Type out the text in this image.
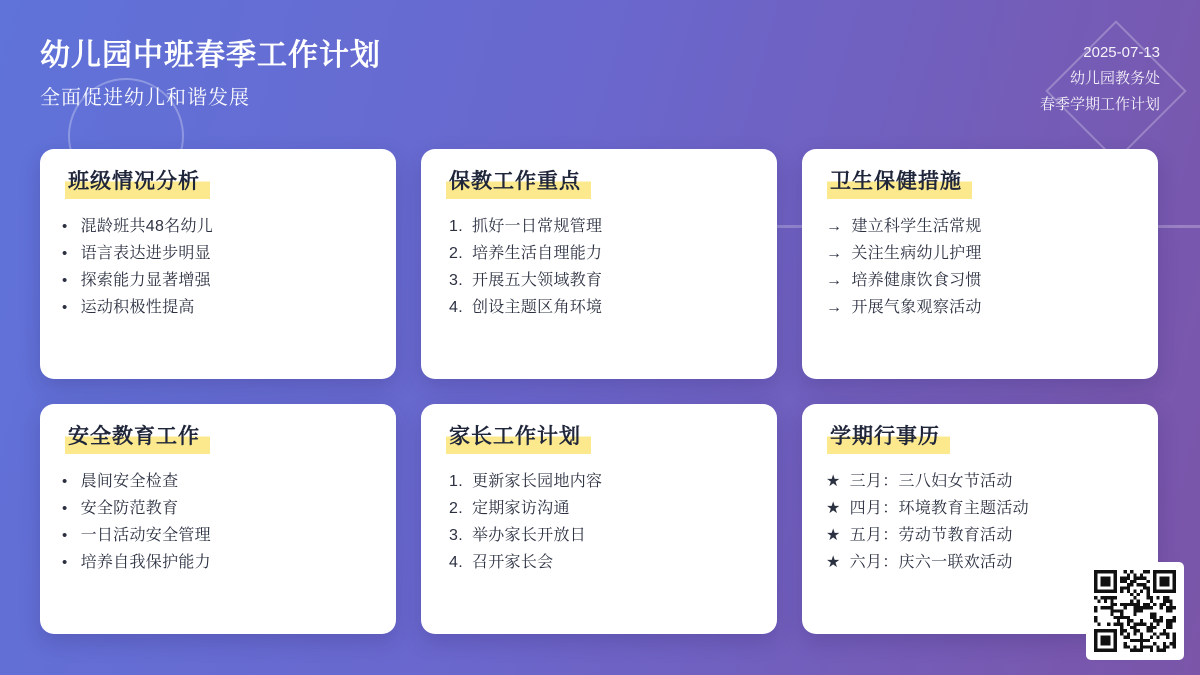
幼儿园中班春季工作计划

全面促进幼儿和谐发展

2025-07-13
幼儿园教务处
春季学期工作计划
班级情况分析
• 混龄班共48名幼儿
• 语言表达进步明显
• 探索能力显著增强
• 运动积极性提高
保教工作重点
1. 抓好一日常规管理
2. 培养生活自理能力
3. 开展五大领域教育
4. 创设主题区角环境
卫生保健措施
→ 建立科学生活常规
→ 关注生病幼儿护理
→ 培养健康饮食习惯
→ 开展气象观察活动
安全教育工作
• 晨间安全检查
• 安全防范教育
• 一日活动安全管理
• 培养自我保护能力
家长工作计划
1. 更新家长园地内容
2. 定期家访沟通
3. 举办家长开放日
4. 召开家长会
学期行事历
★ 三月：三八妇女节活动
★ 四月：环境教育主题活动
★ 五月：劳动节教育活动
★ 六月：庆六一联欢活动
